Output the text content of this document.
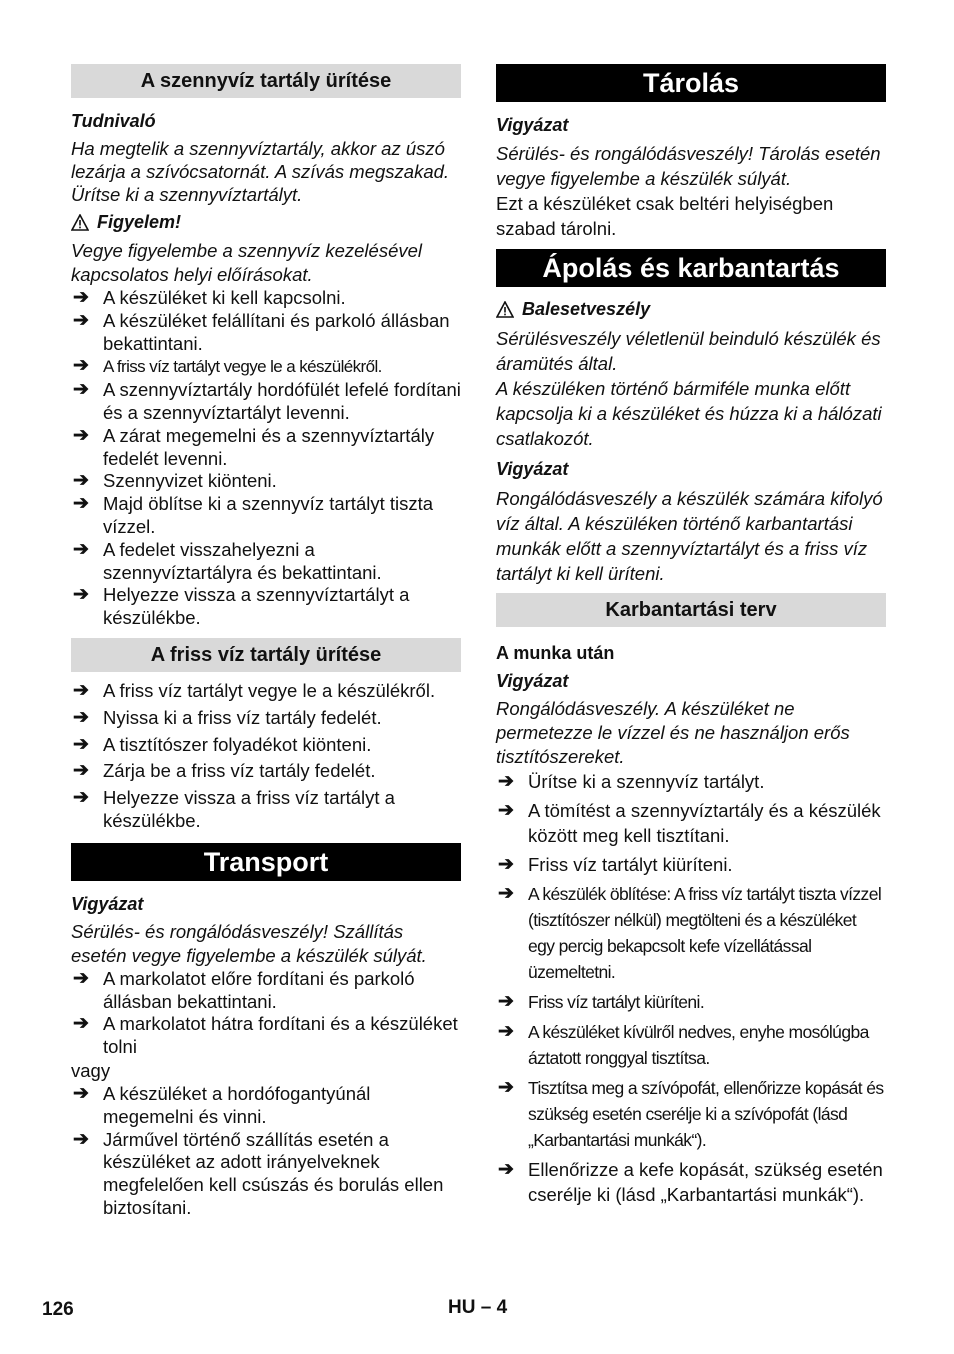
A szennyvíz tartály ürítése
Tudnivaló
Ha megtelik a szennyvíztartály, akkor az úszó lezárja a szívócsatornát. A szívás megszakad. Ürítse ki a szennyvíztartályt.
Figyelem!
Vegye figyelembe a szennyvíz kezelésével kapcsolatos helyi előírásokat.
➔ A készüléket ki kell kapcsolni.
➔ A készüléket felállítani és parkoló állásban bekattintani.
➔ A friss víz tartályt vegye le a készülékről.
➔ A szennyvíztartály hordófülét lefelé fordítani és a szennyvíztartályt levenni.
➔ A zárat megemelni és a szennyvíztartály fedelét levenni.
➔ Szennyvizet kiönteni.
➔ Majd öblítse ki a szennyvíz tartályt tiszta vízzel.
➔ A fedelet visszahelyezni a szennyvíztartályra és bekattintani.
➔ Helyezze vissza a szennyvíztartályt a készülékbe.
A friss víz tartály ürítése
➔ A friss víz tartályt vegye le a készülékről.
➔ Nyissa ki a friss víz tartály fedelét.
➔ A tisztítószer folyadékot kiönteni.
➔ Zárja be a friss víz tartály fedelét.
➔ Helyezze vissza a friss víz tartályt a készülékbe.
Transport
Vigyázat
Sérülés- és rongálódásveszély! Szállítás esetén vegye figyelembe a készülék súlyát.
➔ A markolatot előre fordítani és parkoló állásban bekattintani.
➔ A markolatot hátra fordítani és a készüléket tolni
vagy
➔ A készüléket a hordófogantyúnál megemelni és vinni.
➔ Járművel történő szállítás esetén a készüléket az adott irányelveknek megfelelően kell csúszás és borulás ellen biztosítani.
Tárolás
Vigyázat
Sérülés- és rongálódásveszély! Tárolás esetén vegye figyelembe a készülék súlyát.
Ezt a készüléket csak beltéri helyiségben szabad tárolni.
Ápolás és karbantartás
Balesetveszély
Sérülésveszély véletlenül beinduló készülék és áramütés által.
A készüléken történő bármiféle munka előtt kapcsolja ki a készüléket és húzza ki a hálózati csatlakozót.
Vigyázat
Rongálódásveszély a készülék számára kifolyó víz által. A készüléken történő karbantartási munkák előtt a szennyvíztartályt és a friss víz tartályt ki kell üríteni.
Karbantartási terv
A munka után
Vigyázat
Rongálódásveszély. A készüléket ne permetezze le vízzel és ne használjon erős tisztítószereket.
➔ Ürítse ki a szennyvíz tartályt.
➔ A tömítést a szennyvíztartály és a készülék között meg kell tisztítani.
➔ Friss víz tartályt kiüríteni.
➔ A készülék öblítése: A friss víz tartályt tiszta vízzel (tisztítószer nélkül) megtölteni és a készüléket egy percig bekapcsolt kefe vízellátással üzemeltetni.
➔ Friss víz tartályt kiüríteni.
➔ A készüléket kívülről nedves, enyhe mosólúgba áztatott ronggyal tisztítsa.
➔ Tisztítsa meg a szívópofát, ellenőrizze kopását és szükség esetén cserélje ki a szívópofát (lásd „Karbantartási munkák“).
➔ Ellenőrizze a kefe kopását, szükség esetén cserélje ki (lásd „Karbantartási munkák“).
126	HU – 4
